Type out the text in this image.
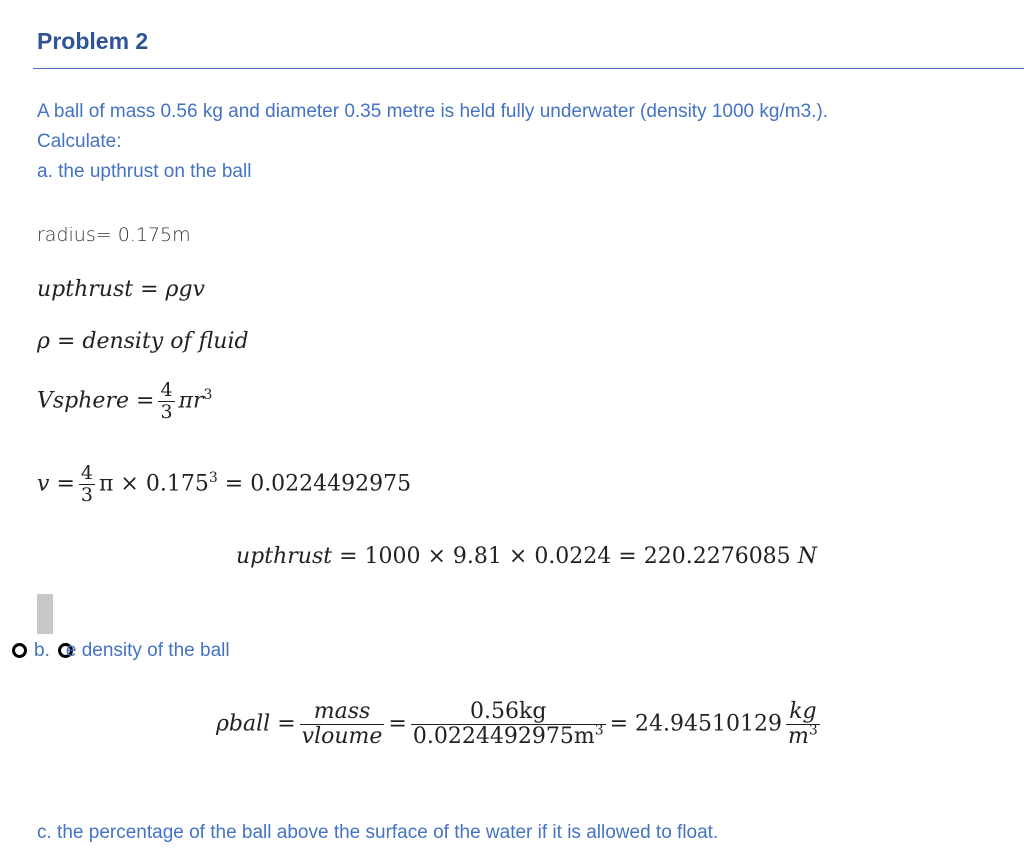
Problem 2
A ball of mass 0.56 kg and diameter 0.35 metre is held fully underwater (density 1000 kg/m3.).
Calculate:
a. the upthrust on the ball
radius= 0.175m
upthrust = ρgv
ρ = density of fluid
Vsphere = $\frac{4}{3} \pi r^3$
$v = \frac{4}{3}$ $\pi \times 0.175^3 = 0.0224492975$
upthrust = 1000 × 9.81 × 0.0224 = 220.2276085 N
b. e density of the ball
ρball = $\frac{\text{mass}}{\text{vloume}} = \frac{0.56kg}{0.0224492975m^3} = 24.94510129 \frac{kg}{m^3}$
c. the percentage of the ball above the surface of the water if it is allowed to float.
